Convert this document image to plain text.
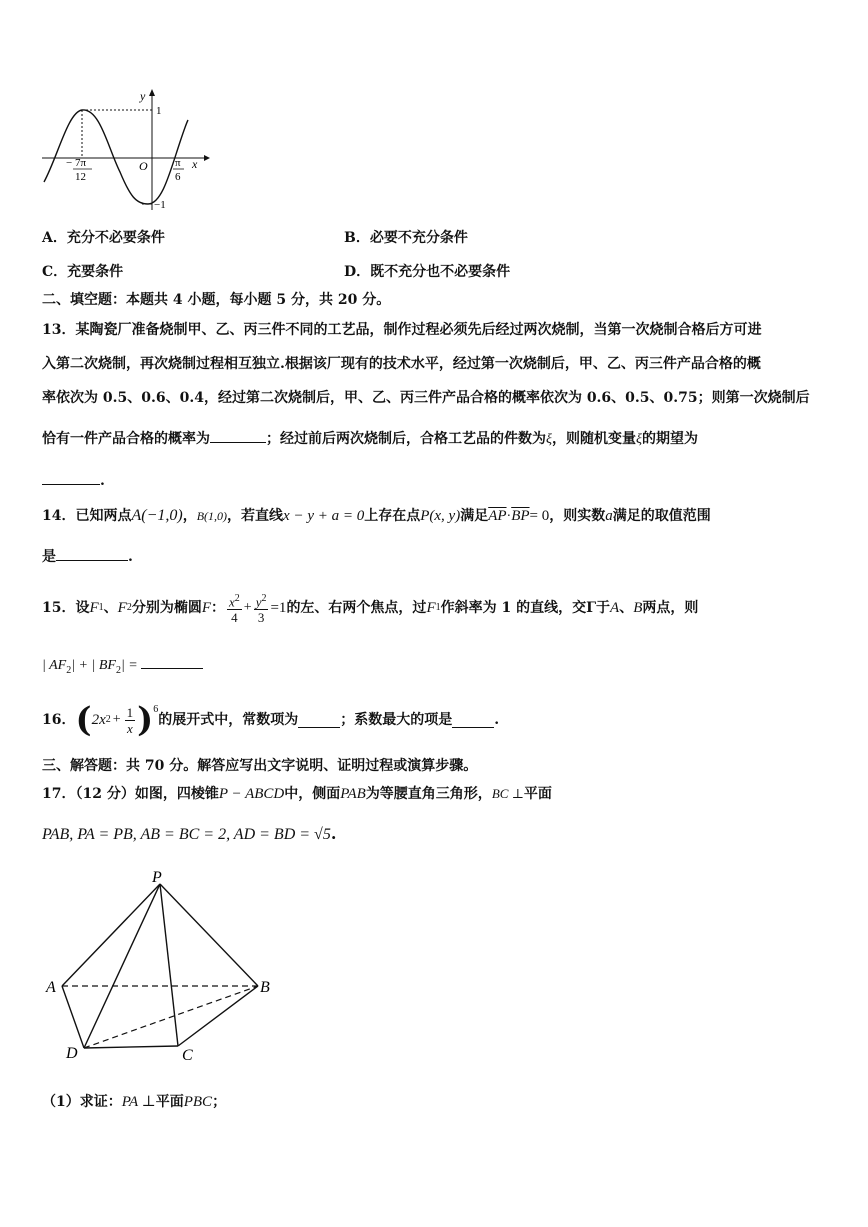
y
x
O
1
−1
− 7π
12
π
6
A．充分不必要条件	B．必要不充分条件
C．充要条件	D．既不充分也不必要条件
二、填空题：本题共 4 小题，每小题 5 分，共 20 分。
13．某陶瓷厂准备烧制甲、乙、丙三件不同的工艺品，制作过程必须先后经过两次烧制，当第一次烧制合格后方可进
入第二次烧制，再次烧制过程相互独立.根据该厂现有的技术水平，经过第一次烧制后，甲、乙、丙三件产品合格的概
率依次为 0.5、0.6、0.4，经过第二次烧制后，甲、乙、丙三件产品合格的概率依次为 0.6、0.5、0.75；则第一次烧制后
恰有一件产品合格的概率为	；经过前后两次烧制后，合格工艺品的件数为ξ，则随机变量ξ的期望为
.
14．已知两点A(−1,0)，B(1,0)，若直线x − y + a = 0上存在点P(x, y)满足$\overline{AP}\cdot\overline{BP}= 0$，则实数a满足的取值范围
是	.
15．设 F 1 、 F 2 分别为椭圆 F ： $\frac{x^2}{4} + \frac{y^2}{3} =1$ 的左、右两个焦点，过 F 1 作斜率为 1 的直线，交Γ于 A 、 B 两点，则
| $AF_2|$ + | $BF_2|$ =
16． ( 2x $2 + \frac{1}{x}$ ) 6
的展开式中，常数项为	；系数最大的项是	.
三、解答题：共 70 分。解答应写出文字说明、证明过程或演算步骤。
17．（12 分）如图，四棱锥P − ABCD中，侧面PAB为等腰直角三角形，BC ⊥平面
PAB, PA = PB, AB = BC = 2, AD = BD = √5.
P
A	B
D	C
（1）求证：PA ⊥平面PBC；
